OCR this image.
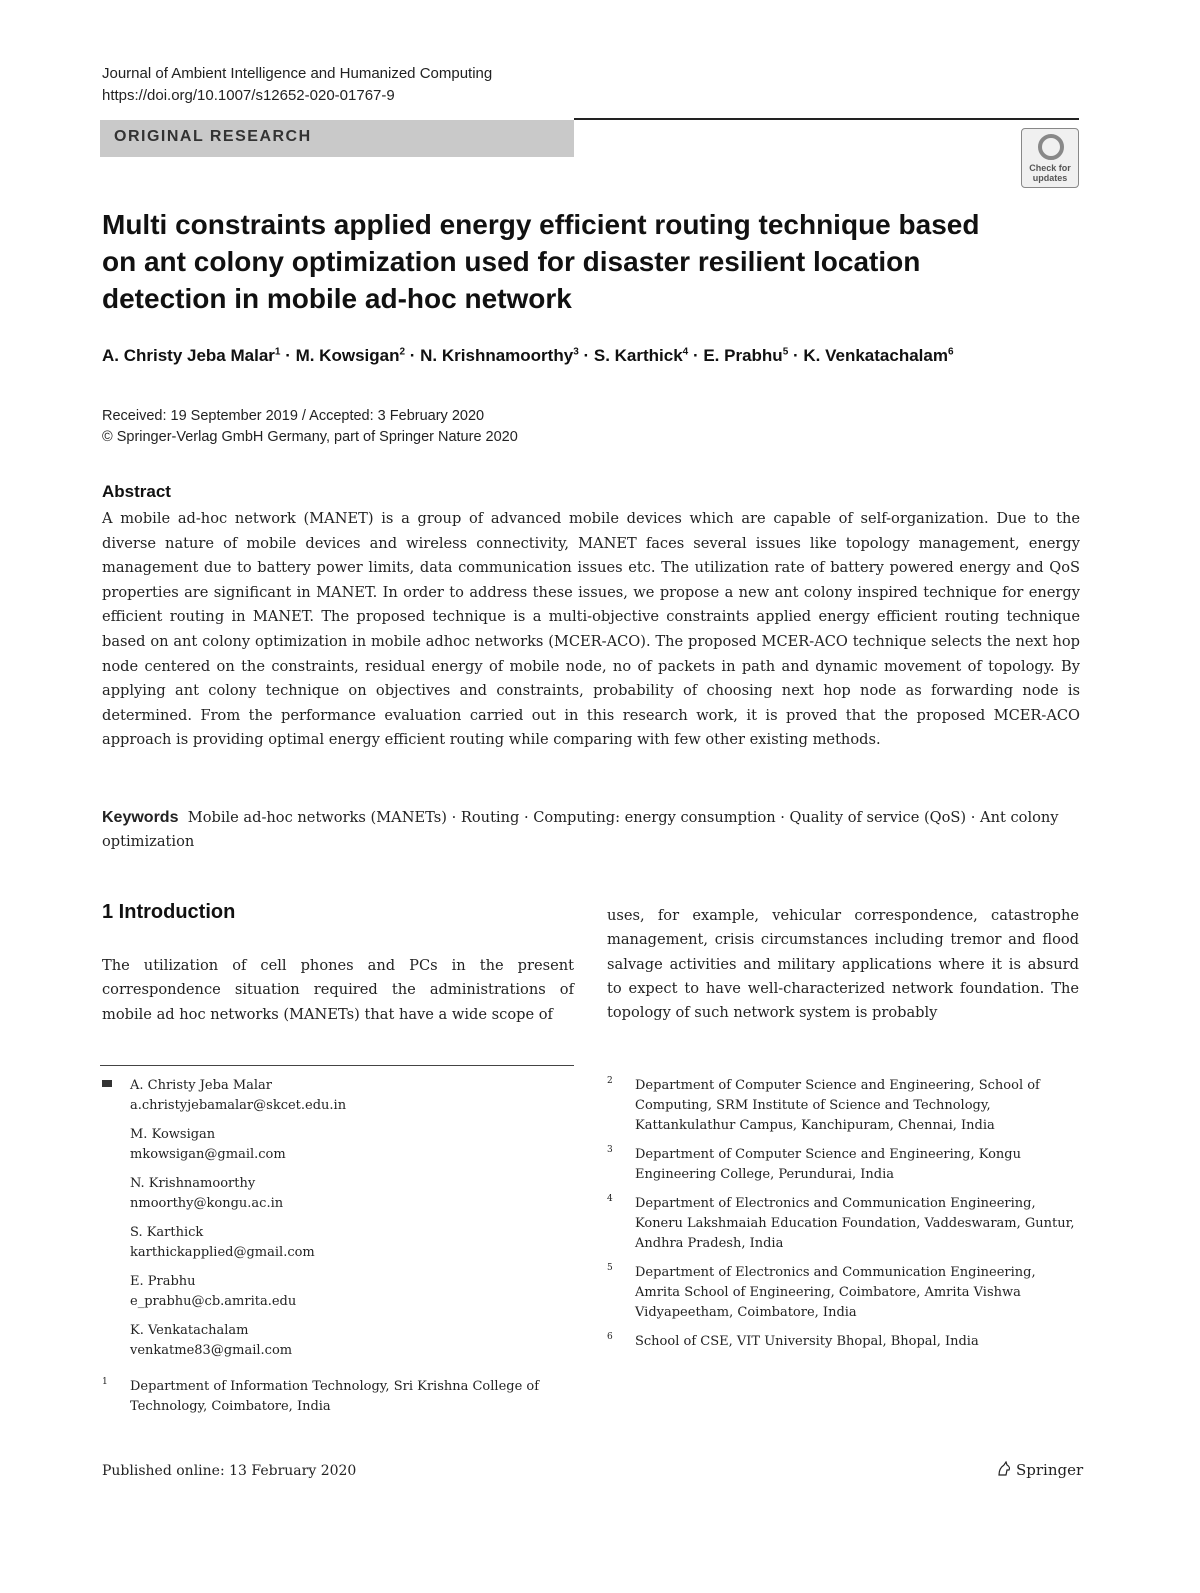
Journal of Ambient Intelligence and Humanized Computing
https://doi.org/10.1007/s12652-020-01767-9
ORIGINAL RESEARCH
Check for updates
Multi constraints applied energy efficient routing technique based on ant colony optimization used for disaster resilient location detection in mobile ad-hoc network
A. Christy Jeba Malar$^1$ · M. Kowsigan$^2$ · N. Krishnamoorthy$^3$ · S. Karthick$^4$ · E. Prabhu$^5$ · K. Venkatachalam$^6$
Received: 19 September 2019 / Accepted: 3 February 2020
© Springer-Verlag GmbH Germany, part of Springer Nature 2020
Abstract
A mobile ad-hoc network (MANET) is a group of advanced mobile devices which are capable of self-organization. Due to the diverse nature of mobile devices and wireless connectivity, MANET faces several issues like topology management, energy management due to battery power limits, data communication issues etc. The utilization rate of battery powered energy and QoS properties are significant in MANET. In order to address these issues, we propose a new ant colony inspired technique for energy efficient routing in MANET. The proposed technique is a multi-objective constraints applied energy efficient routing technique based on ant colony optimization in mobile adhoc networks (MCER-ACO). The proposed MCER-ACO technique selects the next hop node centered on the constraints, residual energy of mobile node, no of packets in path and dynamic movement of topology. By applying ant colony technique on objectives and constraints, probability of choosing next hop node as forwarding node is determined. From the performance evaluation carried out in this research work, it is proved that the proposed MCER-ACO approach is providing optimal energy efficient routing while comparing with few other existing methods.
Keywords Mobile ad-hoc networks (MANETs) · Routing · Computing: energy consumption · Quality of service (QoS) · Ant colony optimization
1 Introduction
The utilization of cell phones and PCs in the present correspondence situation required the administrations of mobile ad hoc networks (MANETs) that have a wide scope of
uses, for example, vehicular correspondence, catastrophe management, crisis circumstances including tremor and flood salvage activities and military applications where it is absurd to expect to have well-characterized network foundation. The topology of such network system is probably
A. Christy Jeba Malar
a.christyjebamalar@skcet.edu.in
M. Kowsigan
mkowsigan@gmail.com
N. Krishnamoorthy
nmoorthy@kongu.ac.in
S. Karthick
karthickapplied@gmail.com
E. Prabhu
e_prabhu@cb.amrita.edu
K. Venkatachalam
venkatme83@gmail.com
1 Department of Information Technology, Sri Krishna College of Technology, Coimbatore, India
2 Department of Computer Science and Engineering, School of Computing, SRM Institute of Science and Technology, Kattankulathur Campus, Kanchipuram, Chennai, India
3 Department of Computer Science and Engineering, Kongu Engineering College, Perundurai, India
4 Department of Electronics and Communication Engineering, Koneru Lakshmaiah Education Foundation, Vaddeswaram, Guntur, Andhra Pradesh, India
5 Department of Electronics and Communication Engineering, Amrita School of Engineering, Coimbatore, Amrita Vishwa Vidyapeetham, Coimbatore, India
6 School of CSE, VIT University Bhopal, Bhopal, India
Published online: 13 February 2020	Springer
